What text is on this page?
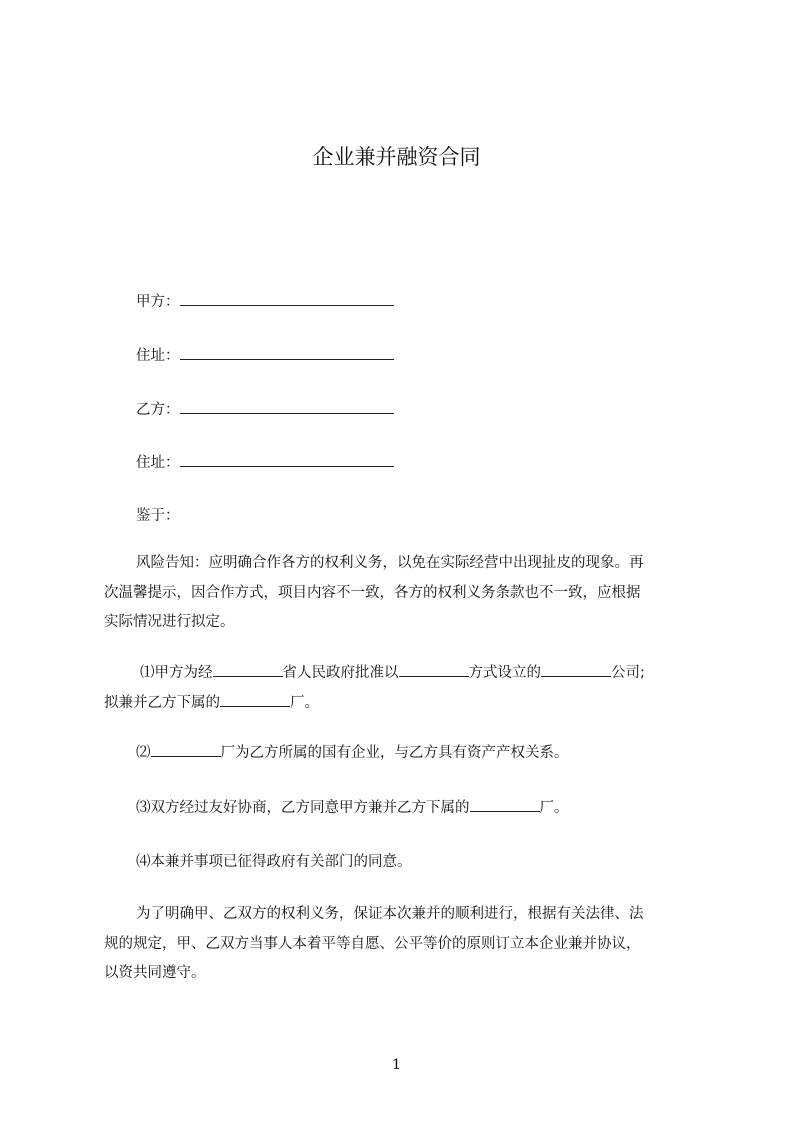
企业兼并融资合同
甲方：
住址：
乙方：
住址：
鉴于：
风险告知：应明确合作各方的权利义务，以免在实际经营中出现扯皮的现象。再
次温馨提示，因合作方式，项目内容不一致，各方的权利义务条款也不一致，应根据
实际情况进行拟定。
⑴甲方为经	省人民政府批准以	方式设立的	公司;
拟兼并乙方下属的	厂。
⑵	厂为乙方所属的国有企业，与乙方具有资产产权关系。
⑶双方经过友好协商，乙方同意甲方兼并乙方下属的	厂。
⑷本兼并事项已征得政府有关部门的同意。
为了明确甲、乙双方的权利义务，保证本次兼并的顺利进行，根据有关法律、法
规的规定，甲、乙双方当事人本着平等自愿、公平等价的原则订立本企业兼并协议，
以资共同遵守。
1
